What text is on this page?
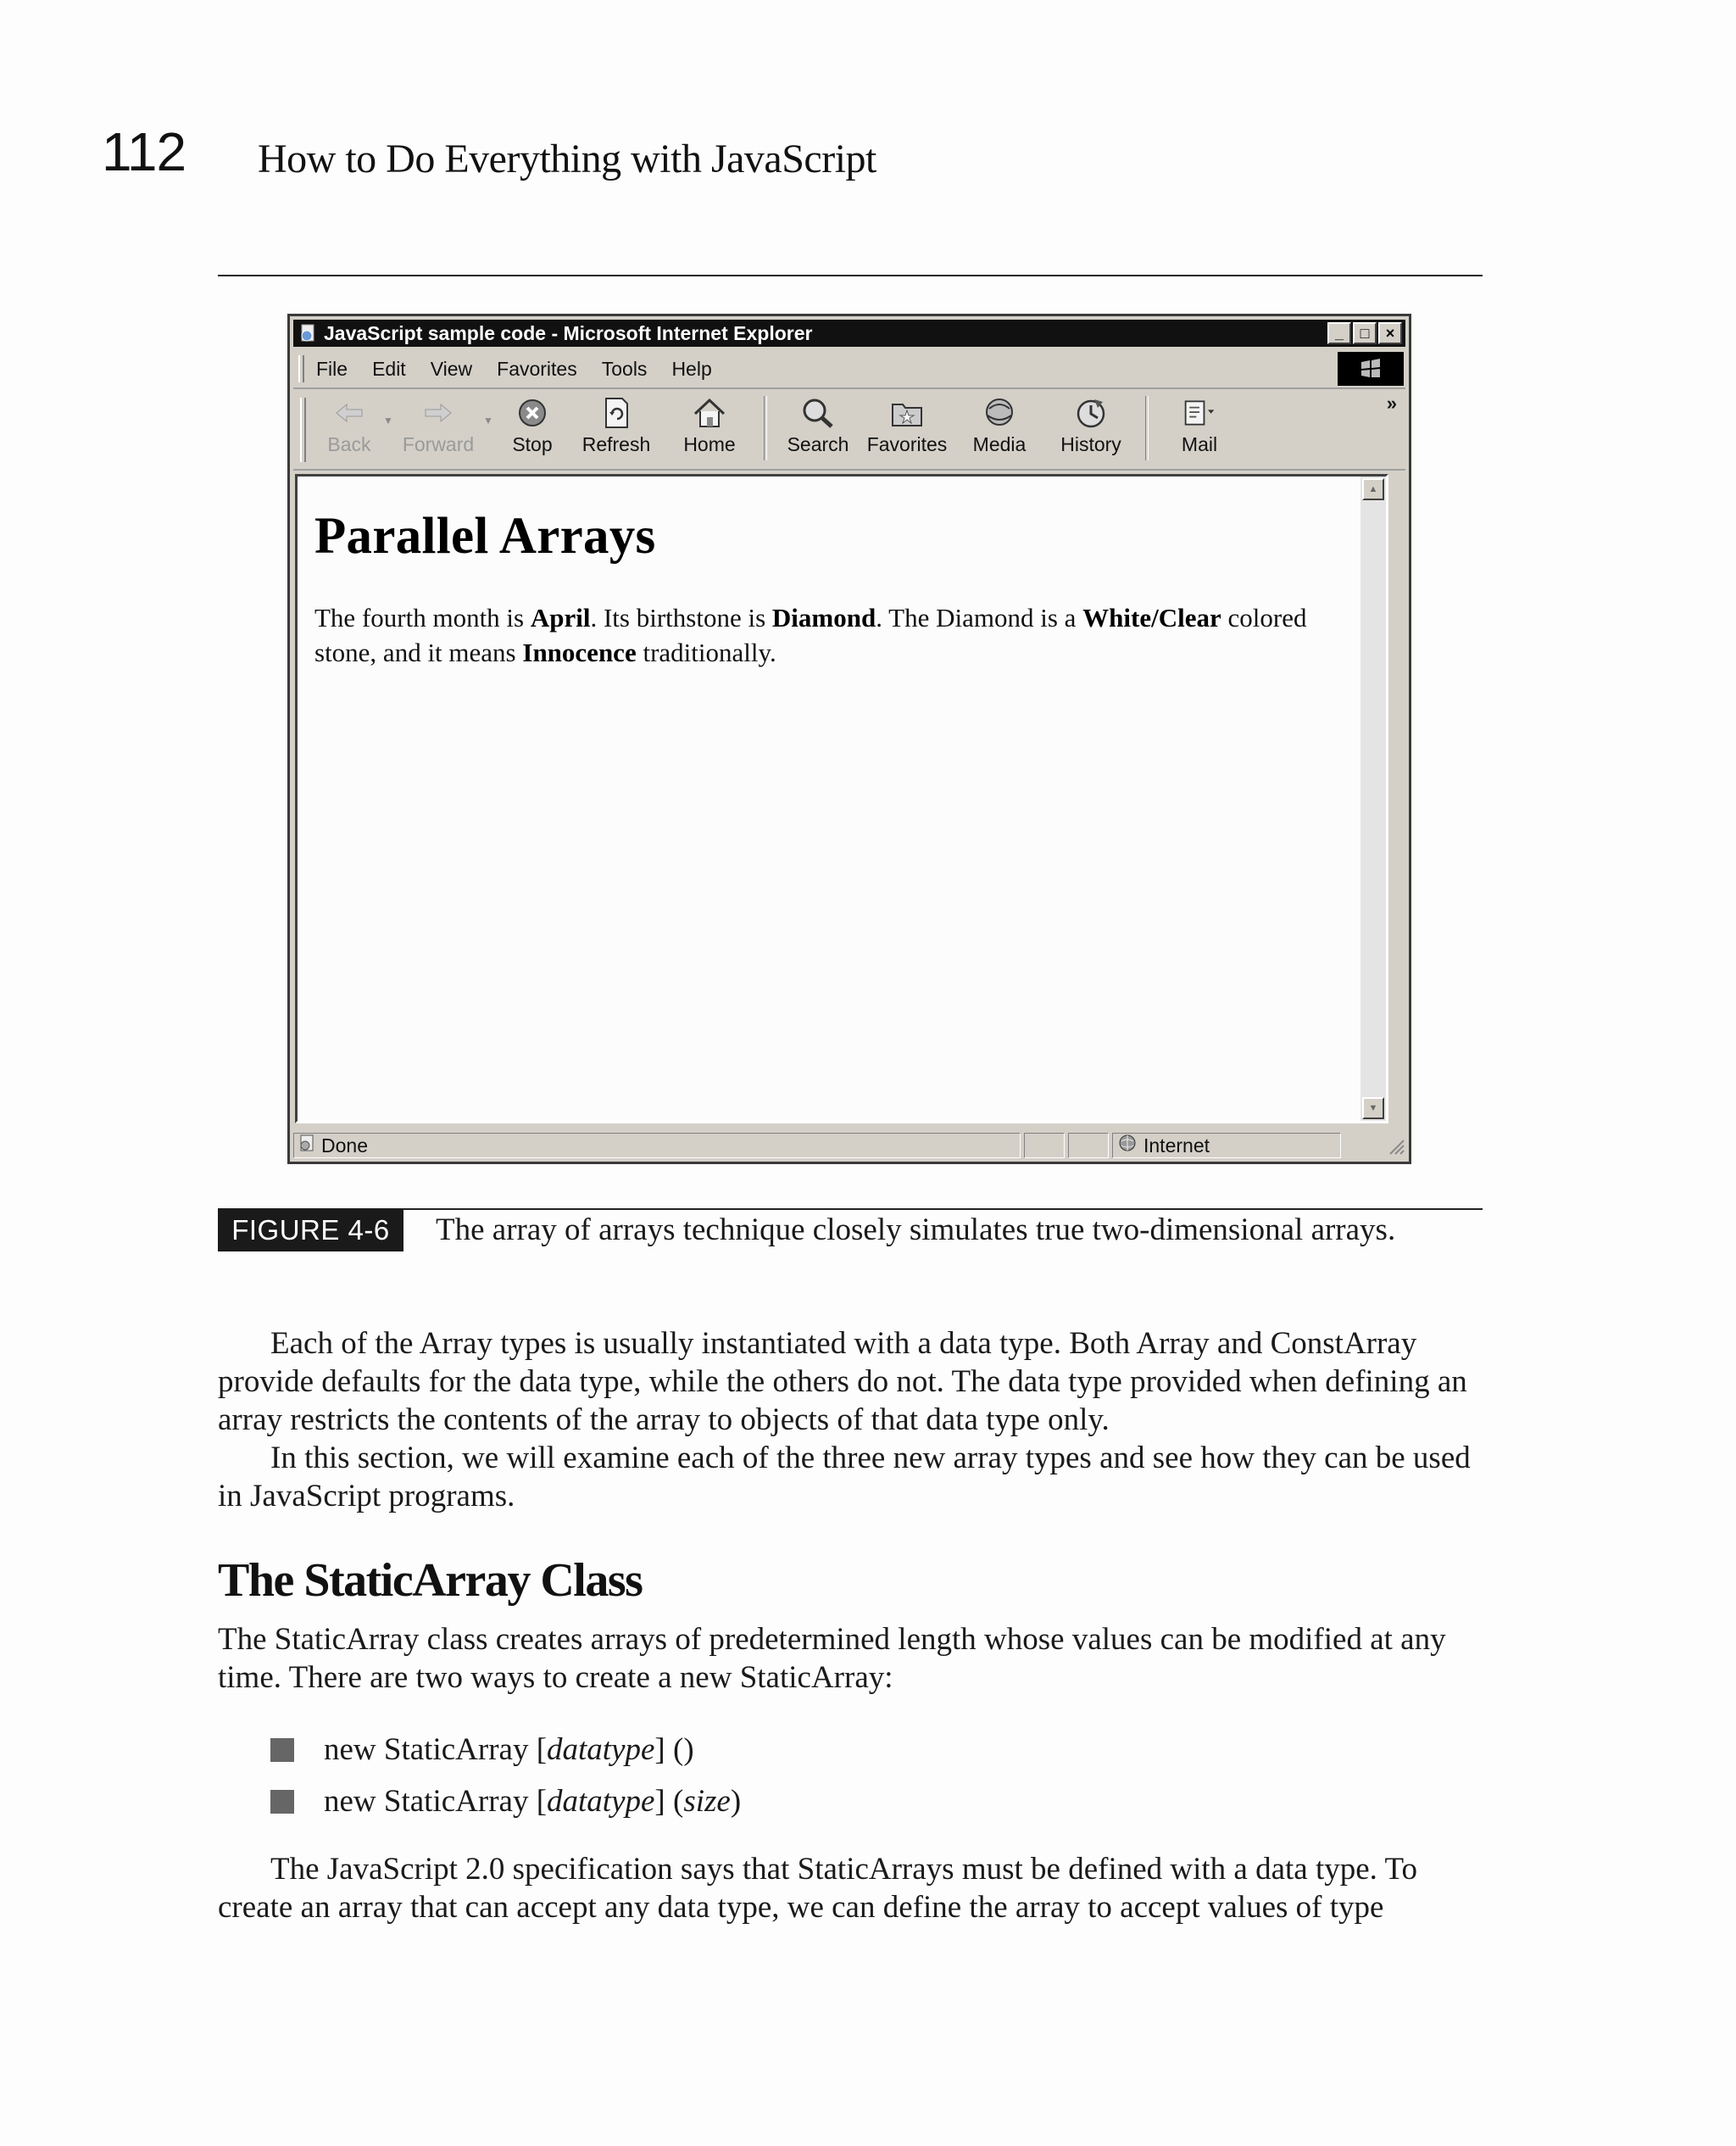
112 How to Do Everything with JavaScript
JavaScript sample code - Microsoft Internet Explorer	_	□	×
File Edit View Favorites Tools Help
Back
▼
Forward
▼
Stop Refresh Home	Search Favorites Media History	Mail
»
Parallel Arrays
The fourth month is April. Its birthstone is Diamond. The Diamond is a White/Clear colored stone, and it means Innocence traditionally.
▲
▼
Done	Internet
FIGURE 4-6	The array of arrays technique closely simulates true two-dimensional arrays.

Each of the Array types is usually instantiated with a data type. Both Array and ConstArray provide defaults for the data type, while the others do not. The data type provided when defining an array restricts the contents of the array to objects of that data type only.

In this section, we will examine each of the three new array types and see how they can be used in JavaScript programs.

The StaticArray Class

The StaticArray class creates arrays of predetermined length whose values can be modified at any time. There are two ways to create a new StaticArray:

new StaticArray [datatype] ()
new StaticArray [datatype] (size)

The JavaScript 2.0 specification says that StaticArrays must be defined with a data type. To create an array that can accept any data type, we can define the array to accept values of type
